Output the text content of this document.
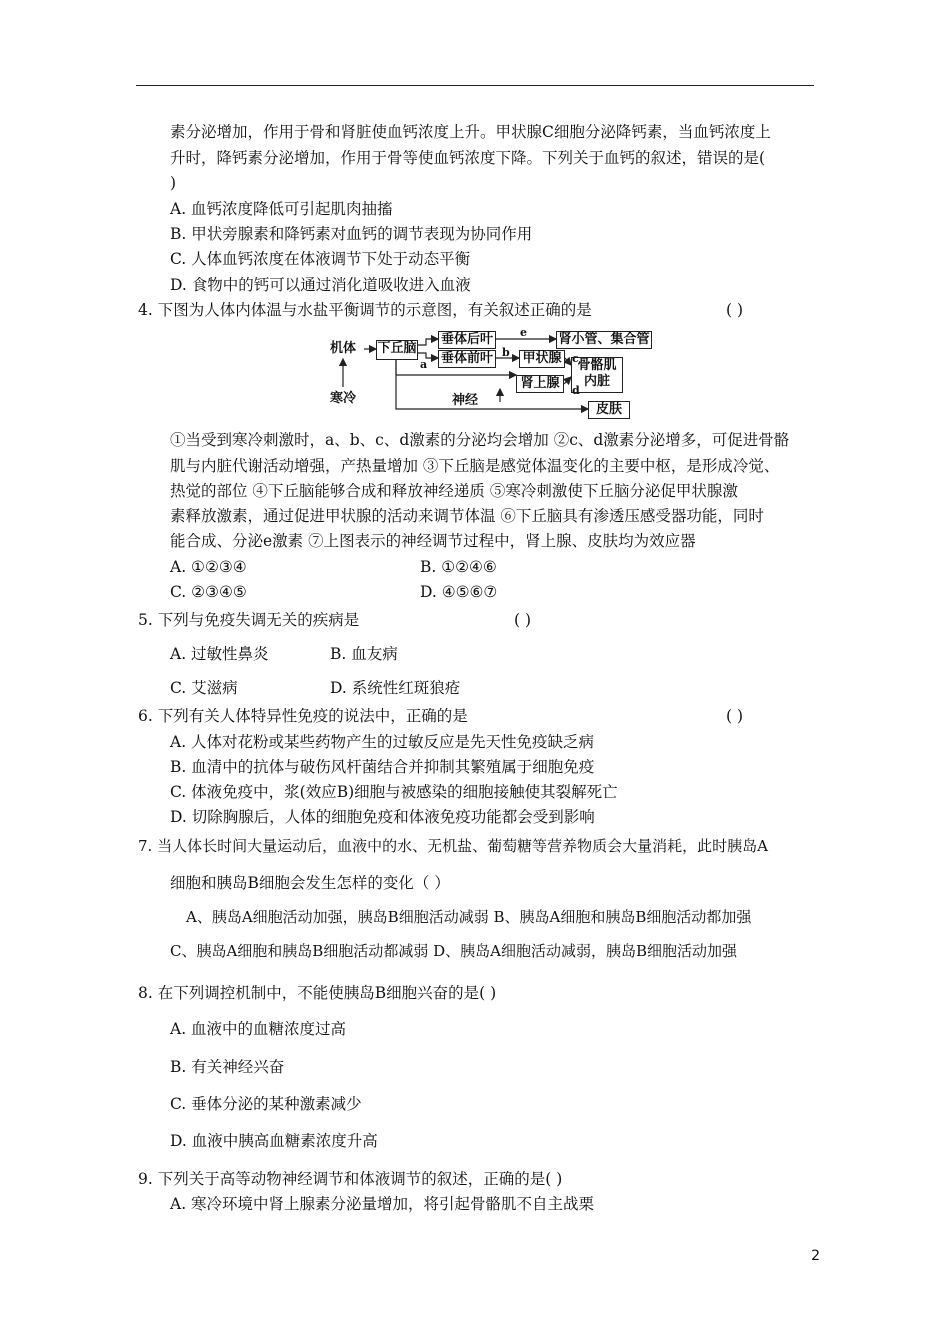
素分泌增加，作用于骨和肾脏使血钙浓度上升。甲状腺C细胞分泌降钙素，当血钙浓度上
升时，降钙素分泌增加，作用于骨等使血钙浓度下降。下列关于血钙的叙述，错误的是(
)
A. 血钙浓度降低可引起肌肉抽搐
B. 甲状旁腺素和降钙素对血钙的调节表现为协同作用
C. 人体血钙浓度在体液调节下处于动态平衡
D. 食物中的钙可以通过消化道吸收进入血液
4. 下图为人体内体温与水盐平衡调节的示意图，有关叙述正确的是	( )
机体 下丘脑
垂体后叶
垂体前叶
肾小管、集合管
甲状腺
肾上腺
骨骼肌
内脏
皮肤
寒冷	神经
e
b
a	c
d
①当受到寒冷刺激时，a、b、c、d激素的分泌均会增加 ②c、d激素分泌增多，可促进骨骼
肌与内脏代谢活动增强，产热量增加 ③下丘脑是感觉体温变化的主要中枢，是形成冷觉、
热觉的部位 ④下丘脑能够合成和释放神经递质 ⑤寒冷刺激使下丘脑分泌促甲状腺激
素释放激素，通过促进甲状腺的活动来调节体温 ⑥下丘脑具有渗透压感受器功能，同时
能合成、分泌e激素 ⑦上图表示的神经调节过程中，肾上腺、皮肤均为效应器
A. ①②③④	B. ①②④⑥
C. ②③④⑤	D. ④⑤⑥⑦
5. 下列与免疫失调无关的疾病是	( )
A. 过敏性鼻炎	B. 血友病
C. 艾滋病	D. 系统性红斑狼疮
6. 下列有关人体特异性免疫的说法中，正确的是	( )
A. 人体对花粉或某些药物产生的过敏反应是先天性免疫缺乏病
B. 血清中的抗体与破伤风杆菌结合并抑制其繁殖属于细胞免疫
C. 体液免疫中，浆(效应B)细胞与被感染的细胞接触使其裂解死亡
D. 切除胸腺后，人体的细胞免疫和体液免疫功能都会受到影响
7. 当人体长时间大量运动后，血液中的水、无机盐、葡萄糖等营养物质会大量消耗，此时胰岛A
细胞和胰岛B细胞会发生怎样的变化（ ）
A、胰岛A细胞活动加强，胰岛B细胞活动减弱 B、胰岛A细胞和胰岛B细胞活动都加强
C、胰岛A细胞和胰岛B细胞活动都减弱 D、胰岛A细胞活动减弱，胰岛B细胞活动加强
8. 在下列调控机制中，不能使胰岛B细胞兴奋的是( )
A. 血液中的血糖浓度过高
B. 有关神经兴奋
C. 垂体分泌的某种激素减少
D. 血液中胰高血糖素浓度升高
9. 下列关于高等动物神经调节和体液调节的叙述，正确的是( )
A. 寒冷环境中肾上腺素分泌量增加，将引起骨骼肌不自主战栗
2
